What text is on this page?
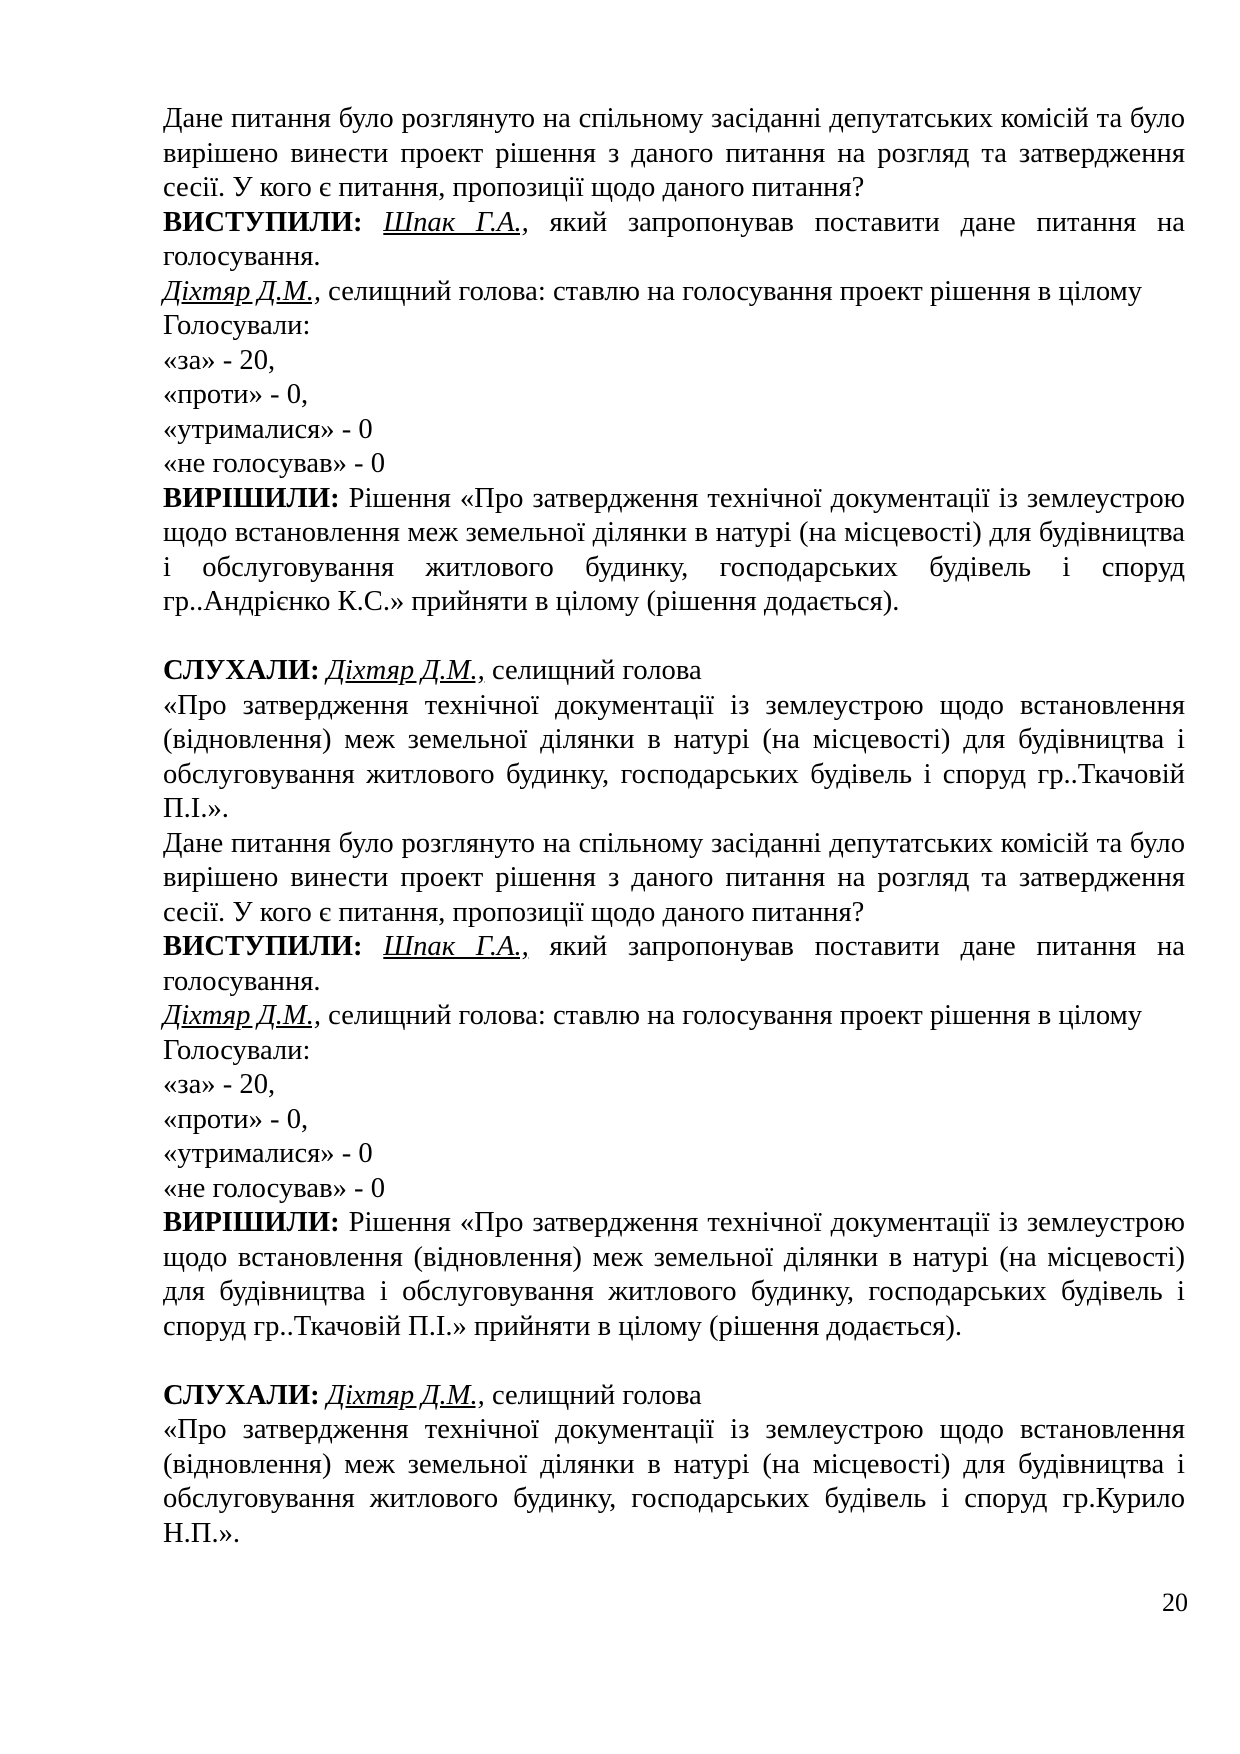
Дане питання було розглянуто на спільному засіданні депутатських комісій та було вирішено винести проект рішення з даного питання на розгляд та затвердження сесії. У кого є питання, пропозиції щодо даного питання?

ВИСТУПИЛИ: Шпак Г.А., який запропонував поставити дане питання на голосування.

Діхтяр Д.М., селищний голова: ставлю на голосування проект рішення в цілому

Голосували:

«за» - 20,

«проти» - 0,

«утрималися» - 0

«не голосував» - 0

ВИРІШИЛИ: Рішення «Про затвердження технічної документації із землеустрою щодо встановлення меж земельної ділянки в натурі (на місцевості) для будівництва і обслуговування житлового будинку, господарських будівель і споруд гр..Андрієнко К.С.» прийняти в цілому (рішення додається).

СЛУХАЛИ: Діхтяр Д.М., селищний голова

«Про затвердження технічної документації із землеустрою щодо встановлення (відновлення) меж земельної ділянки в натурі (на місцевості) для будівництва і обслуговування житлового будинку, господарських будівель і споруд гр..Ткачовій П.І.».

Дане питання було розглянуто на спільному засіданні депутатських комісій та було вирішено винести проект рішення з даного питання на розгляд та затвердження сесії. У кого є питання, пропозиції щодо даного питання?

ВИСТУПИЛИ: Шпак Г.А., який запропонував поставити дане питання на голосування.

Діхтяр Д.М., селищний голова: ставлю на голосування проект рішення в цілому

Голосували:

«за» - 20,

«проти» - 0,

«утрималися» - 0

«не голосував» - 0

ВИРІШИЛИ: Рішення «Про затвердження технічної документації із землеустрою щодо встановлення (відновлення) меж земельної ділянки в натурі (на місцевості) для будівництва і обслуговування житлового будинку, господарських будівель і споруд гр..Ткачовій П.І.» прийняти в цілому (рішення додається).

СЛУХАЛИ: Діхтяр Д.М., селищний голова

«Про затвердження технічної документації із землеустрою щодо встановлення (відновлення) меж земельної ділянки в натурі (на місцевості) для будівництва і обслуговування житлового будинку, господарських будівель і споруд гр.Курило Н.П.».

20
